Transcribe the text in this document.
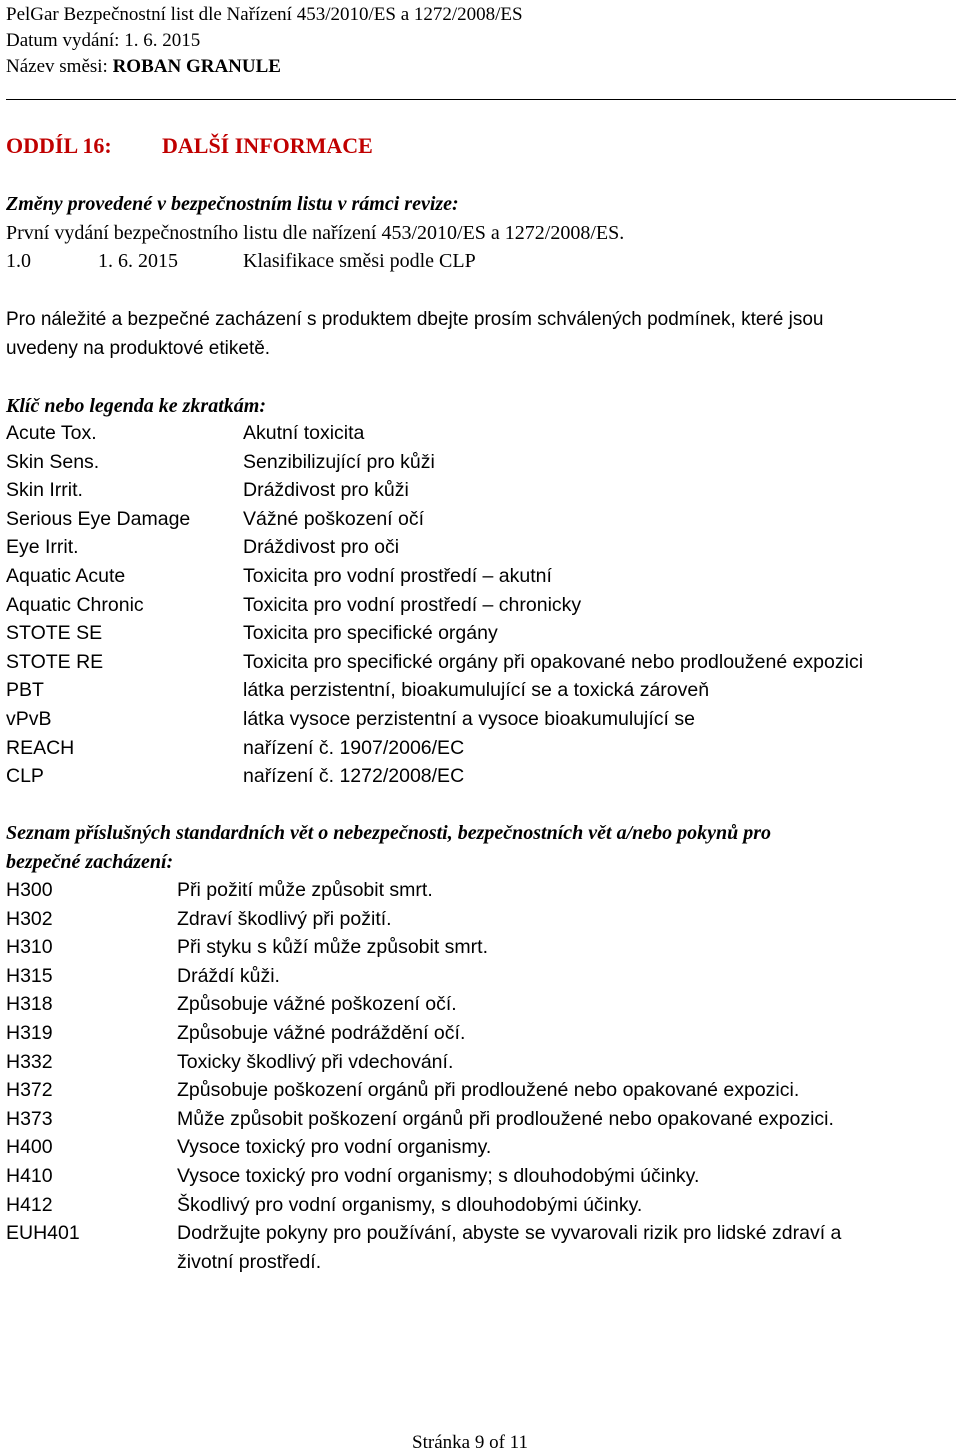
PelGar Bezpečnostní list dle Nařízení 453/2010/ES a 1272/2008/ES
Datum vydání: 1. 6. 2015
Název směsi: ROBAN GRANULE
ODDÍL 16: DALŠÍ INFORMACE
Změny provedené v bezpečnostním listu v rámci revize:
První vydání bezpečnostního listu dle nařízení 453/2010/ES a 1272/2008/ES.
1.0	1. 6. 2015	Klasifikace směsi podle CLP
Pro náležité a bezpečné zacházení s produktem dbejte prosím schválených podmínek, které jsou
uvedeny na produktové etiketě.
Klíč nebo legenda ke zkratkám:
Acute Tox.	Akutní toxicita
Skin Sens.	Senzibilizující pro kůži
Skin Irrit.	Dráždivost pro kůži
Serious Eye Damage	Vážné poškození očí
Eye Irrit.	Dráždivost pro oči
Aquatic Acute	Toxicita pro vodní prostředí – akutní
Aquatic Chronic	Toxicita pro vodní prostředí – chronicky
STOTE SE	Toxicita pro specifické orgány
STOTE RE	Toxicita pro specifické orgány při opakované nebo prodloužené expozici
PBT	látka perzistentní, bioakumulující se a toxická zároveň
vPvB	látka vysoce perzistentní a vysoce bioakumulující se
REACH	nařízení č. 1907/2006/EC
CLP	nařízení č. 1272/2008/EC
Seznam příslušných standardních vět o nebezpečnosti, bezpečnostních vět a/nebo pokynů pro
bezpečné zacházení:
H300	Při požití může způsobit smrt.
H302	Zdraví škodlivý při požití.
H310	Při styku s kůží může způsobit smrt.
H315	Dráždí kůži.
H318	Způsobuje vážné poškození očí.
H319	Způsobuje vážné podráždění očí.
H332	Toxicky škodlivý při vdechování.
H372	Způsobuje poškození orgánů při prodloužené nebo opakované expozici.
H373	Může způsobit poškození orgánů při prodloužené nebo opakované expozici.
H400	Vysoce toxický pro vodní organismy.
H410	Vysoce toxický pro vodní organismy; s dlouhodobými účinky.
H412	Škodlivý pro vodní organismy, s dlouhodobými účinky.
EUH401	Dodržujte pokyny pro používání, abyste se vyvarovali rizik pro lidské zdraví a
životní prostředí.
Stránka 9 of 11
